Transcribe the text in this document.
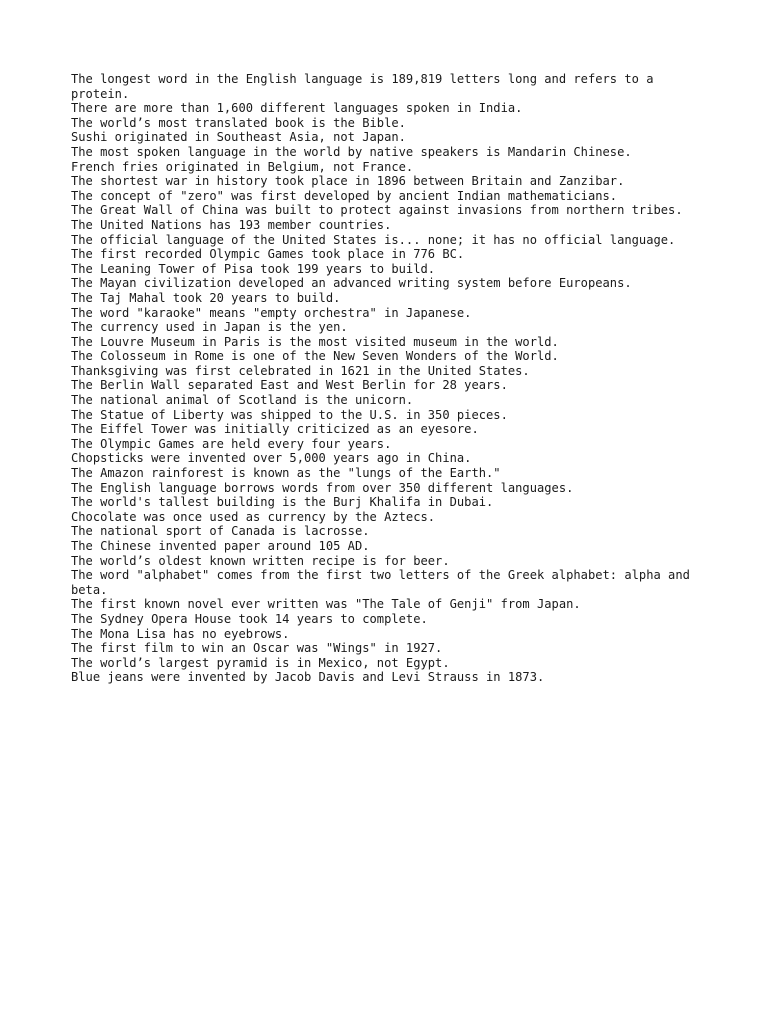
The longest word in the English language is 189,819 letters long and refers to a protein.
There are more than 1,600 different languages spoken in India.
The world’s most translated book is the Bible.
Sushi originated in Southeast Asia, not Japan.
The most spoken language in the world by native speakers is Mandarin Chinese.
French fries originated in Belgium, not France.
The shortest war in history took place in 1896 between Britain and Zanzibar.
The concept of "zero" was first developed by ancient Indian mathematicians.
The Great Wall of China was built to protect against invasions from northern tribes.
The United Nations has 193 member countries.
The official language of the United States is... none; it has no official language.
The first recorded Olympic Games took place in 776 BC.
The Leaning Tower of Pisa took 199 years to build.
The Mayan civilization developed an advanced writing system before Europeans.
The Taj Mahal took 20 years to build.
The word "karaoke" means "empty orchestra" in Japanese.
The currency used in Japan is the yen.
The Louvre Museum in Paris is the most visited museum in the world.
The Colosseum in Rome is one of the New Seven Wonders of the World.
Thanksgiving was first celebrated in 1621 in the United States.
The Berlin Wall separated East and West Berlin for 28 years.
The national animal of Scotland is the unicorn.
The Statue of Liberty was shipped to the U.S. in 350 pieces.
The Eiffel Tower was initially criticized as an eyesore.
The Olympic Games are held every four years.
Chopsticks were invented over 5,000 years ago in China.
The Amazon rainforest is known as the "lungs of the Earth."
The English language borrows words from over 350 different languages.
The world's tallest building is the Burj Khalifa in Dubai.
Chocolate was once used as currency by the Aztecs.
The national sport of Canada is lacrosse.
The Chinese invented paper around 105 AD.
The world’s oldest known written recipe is for beer.
The word "alphabet" comes from the first two letters of the Greek alphabet: alpha and beta.
The first known novel ever written was "The Tale of Genji" from Japan.
The Sydney Opera House took 14 years to complete.
The Mona Lisa has no eyebrows.
The first film to win an Oscar was "Wings" in 1927.
The world’s largest pyramid is in Mexico, not Egypt.
Blue jeans were invented by Jacob Davis and Levi Strauss in 1873.
